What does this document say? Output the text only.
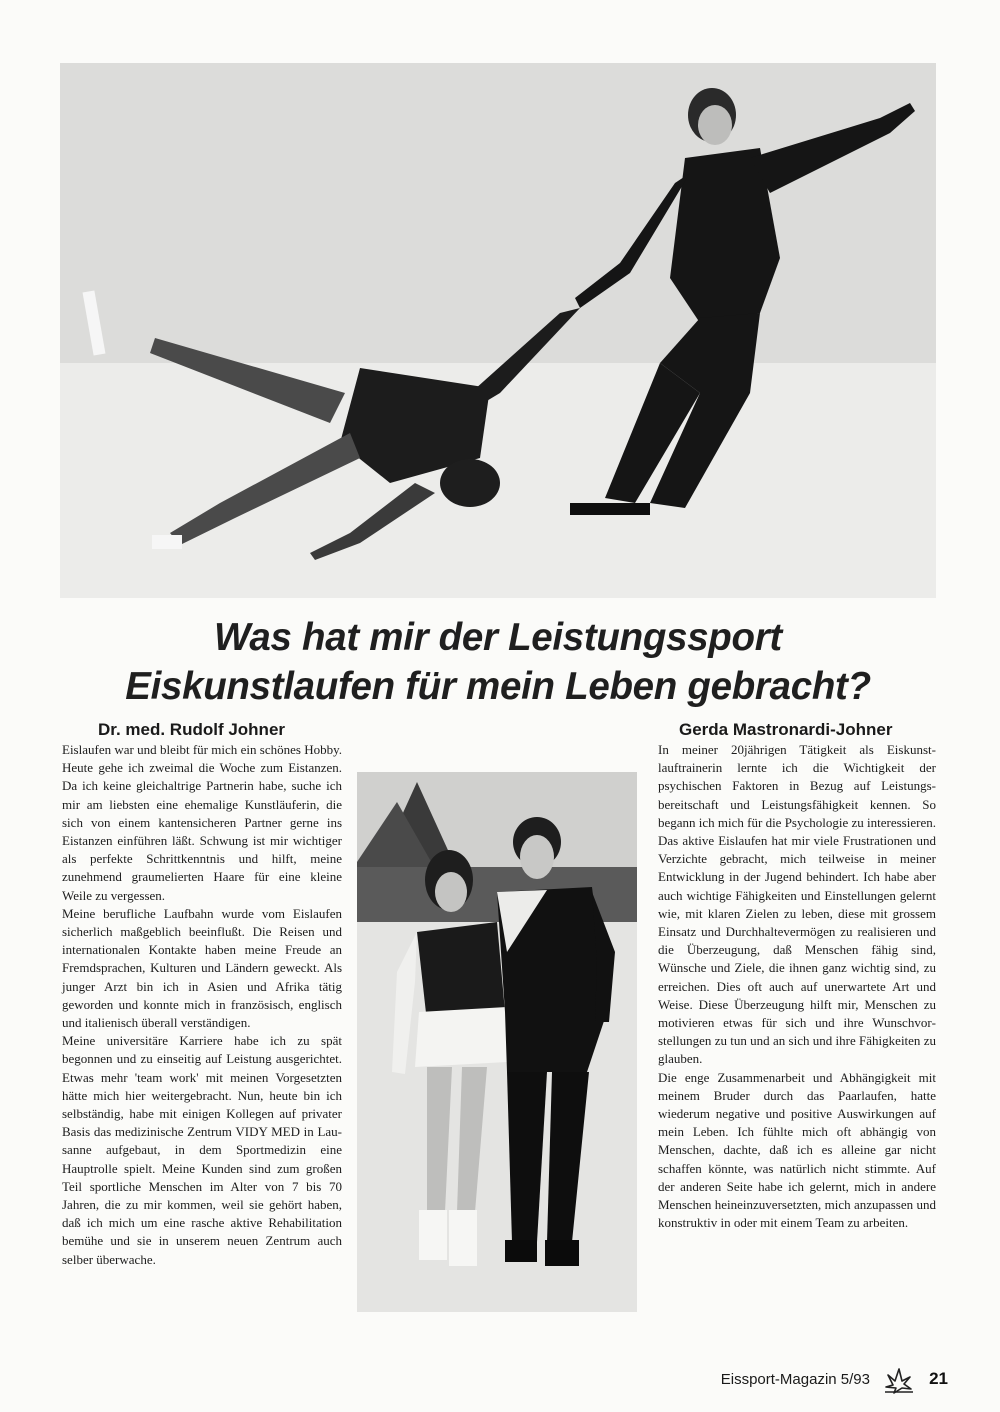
Was hat mir der Leistungssport
Eiskunstlaufen für mein Leben gebracht?
Dr. med. Rudolf Johner	Gerda Mastronardi-Johner

Eislaufen war und bleibt für mich ein schönes Hobby. Heute gehe ich zweimal die Woche zum Eistanzen. Da ich keine gleichaltrige Partnerin habe, suche ich mir am liebsten eine ehemalige Kunstläuferin, die sich von einem kantensicheren Partner gerne ins Eistanzen einführen läßt. Schwung ist mir wichtiger als perfekte Schrittkenntnis und hilft, meine zunehmend graumelierten Haare für eine kleine Weile zu vergessen.

Meine berufliche Laufbahn wurde vom Eislaufen sicherlich maßgeblich beeinflußt. Die Reisen und internationalen Kontakte haben meine Freude an Fremdsprachen, Kulturen und Ländern geweckt. Als junger Arzt bin ich in Asien und Afrika tätig geworden und konnte mich in französisch, englisch und italienisch überall verständigen.

Meine universitäre Karriere habe ich zu spät begonnen und zu einseitig auf Leistung ausgerichtet. Etwas mehr 'team work' mit meinen Vorgesetzten hätte mich hier weitergebracht. Nun, heute bin ich selbständig, habe mit einigen Kollegen auf privater Basis das medizinische Zentrum VIDY MED in Lausanne aufgebaut, in dem Sportmedizin eine Hauptrolle spielt. Meine Kunden sind zum großen Teil sportliche Menschen im Alter von 7 bis 70 Jahren, die zu mir kommen, weil sie gehört haben, daß ich mich um eine rasche aktive Rehabilitation bemühe und sie in unserem neuen Zentrum auch selber überwache.

In meiner 20jährigen Tätigkeit als Eiskunstlauftrainerin lernte ich die Wichtigkeit der psychischen Faktoren in Bezug auf Leistungsbereitschaft und Leistungsfähigkeit kennen. So begann ich mich für die Psychologie zu interessieren.

Das aktive Eislaufen hat mir viele Frustrationen und Verzichte gebracht, mich teilweise in meiner Entwicklung in der Jugend behindert. Ich habe aber auch wichtige Fähigkeiten und Einstellungen gelernt wie, mit klaren Zielen zu leben, diese mit grossem Einsatz und Durchhaltevermögen zu realisieren und die Überzeugung, daß Menschen fähig sind, Wünsche und Ziele, die ihnen ganz wichtig sind, zu erreichen. Dies oft auch auf unerwartete Art und Weise. Diese Überzeugung hilft mir, Menschen zu motivieren etwas für sich und ihre Wunschvorstellungen zu tun und an sich und ihre Fähigkeiten zu glauben.

Die enge Zusammenarbeit und Abhängigkeit mit meinem Bruder durch das Paarlaufen, hatte wiederum negative und positive Auswirkungen auf mein Leben. Ich fühlte mich oft abhängig von Menschen, dachte, daß ich es alleine gar nicht schaffen könnte, was natürlich nicht stimmte. Auf der anderen Seite habe ich gelernt, mich in andere Menschen heineinzuversetzten, mich anzupassen und konstruktiv in oder mit einem Team zu arbeiten.

Eissport-Magazin 5/93	21
